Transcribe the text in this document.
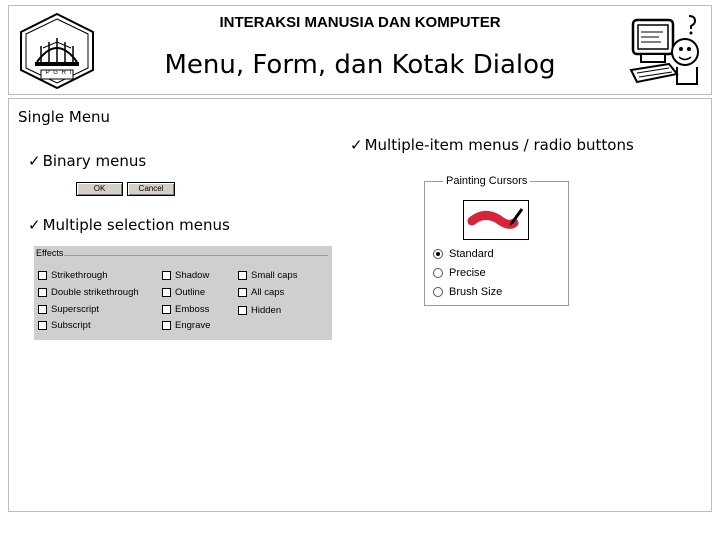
P G R I
INTERAKSI MANUSIA DAN KOMPUTER
Menu, Form, dan Kotak Dialog
Single Menu
✓ Binary menus
OK	Cancel
✓ Multiple selection menus
Effects
Strikethrough
Double strikethrough
Superscript
Subscript
Shadow
Outline
Emboss
Engrave
Small caps
All caps
Hidden
✓ Multiple-item menus / radio buttons
Painting Cursors
Standard
Precise
Brush Size
